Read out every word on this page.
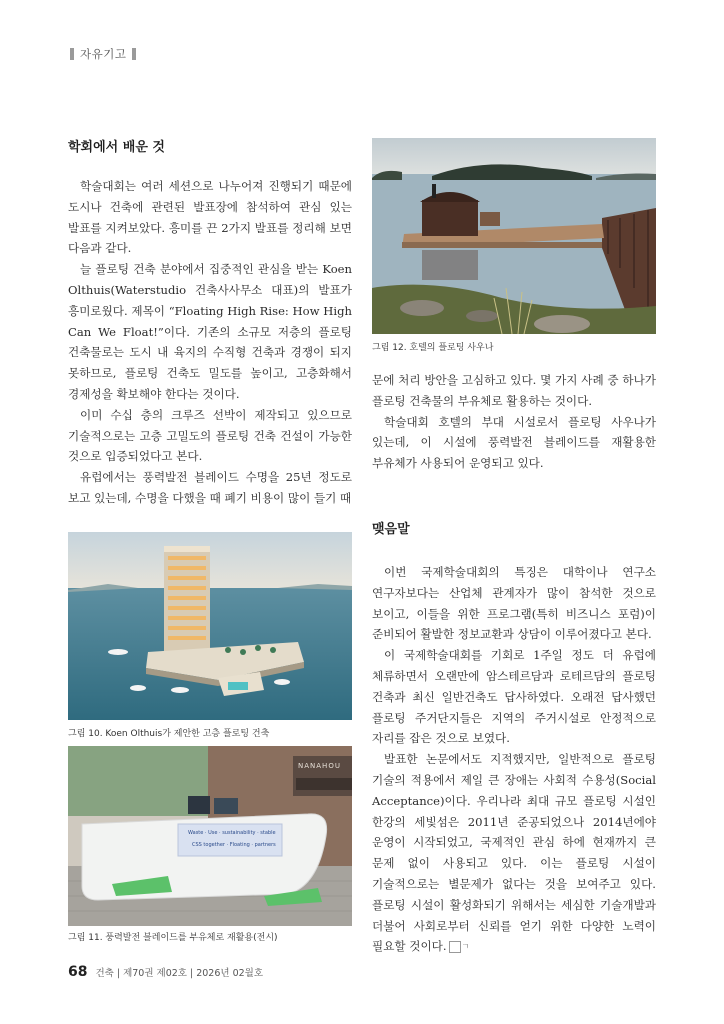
자유기고
학회에서 배운 것

학술대회는 여러 세션으로 나누어져 진행되기 때문에 도시나 건축에 관련된 발표장에 참석하여 관심 있는 발표를 지켜보았다. 흥미를 끈 2가지 발표를 정리해 보면 다음과 같다.

늘 플로팅 건축 분야에서 집중적인 관심을 받는 Koen Olthuis(Waterstudio 건축사사무소 대표)의 발표가 흥미로웠다. 제목이 “Floating High Rise: How High Can We Float!”이다. 기존의 소규모 저층의 플로팅 건축물로는 도시 내 육지의 수직형 건축과 경쟁이 되지 못하므로, 플로팅 건축도 밀도를 높이고, 고층화해서 경제성을 확보해야 한다는 것이다.

이미 수십 층의 크루즈 선박이 제작되고 있으므로 기술적으로는 고층 고밀도의 플로팅 건축 건설이 가능한 것으로 입증되었다고 본다.

유럽에서는 풍력발전 블레이드 수명을 25년 정도로 보고 있는데, 수명을 다했을 때 폐기 비용이 많이 들기 때

그림 10. Koen Olthuis가 제안한 고층 플로팅 건축
Waste · Use · sustainability · stable
CSS together · Floating · partners
NANAHOU
그림 11. 풍력발전 블레이드를 부유체로 재활용(전시)
그림 12. 호텔의 플로팅 사우나

문에 처리 방안을 고심하고 있다. 몇 가지 사례 중 하나가 플로팅 건축물의 부유체로 활용하는 것이다.

학술대회 호텔의 부대 시설로서 플로팅 사우나가 있는데, 이 시설에 풍력발전 블레이드를 재활용한 부유체가 사용되어 운영되고 있다.

맺음말

이번 국제학술대회의 특징은 대학이나 연구소 연구자보다는 산업체 관계자가 많이 참석한 것으로 보이고, 이들을 위한 프로그램(특히 비즈니스 포럼)이 준비되어 활발한 정보교환과 상담이 이루어졌다고 본다.

이 국제학술대회를 기회로 1주일 정도 더 유럽에 체류하면서 오랜만에 암스테르담과 로테르담의 플로팅 건축과 최신 일반건축도 답사하였다. 오래전 답사했던 플로팅 주거단지들은 지역의 주거시설로 안정적으로 자리를 잡은 것으로 보였다.

발표한 논문에서도 지적했지만, 일반적으로 플로팅 기술의 적용에서 제일 큰 장애는 사회적 수용성(Social Acceptance)이다. 우리나라 최대 규모 플로팅 시설인 한강의 세빛섬은 2011년 준공되었으나 2014년에야 운영이 시작되었고, 국제적인 관심 하에 현재까지 큰 문제 없이 사용되고 있다. 이는 플로팅 시설이 기술적으로는 별문제가 없다는 것을 보여주고 있다. 플로팅 시설이 활성화되기 위해서는 세심한 기술개발과 더불어 사회로부터 신뢰를 얻기 위한 다양한 노력이 필요할 것이다. ㄱ

68 건축 | 제70권 제02호 | 2026년 02월호
